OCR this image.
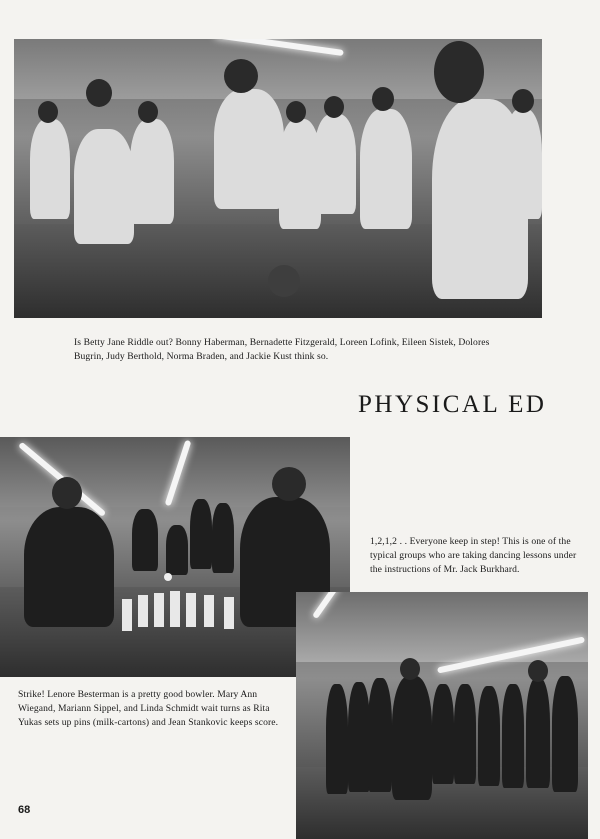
Is Betty Jane Riddle out? Bonny Haberman, Bernadette Fitzgerald, Loreen Lofink, Eileen Sistek, Dolores Bugrin, Judy Berthold, Norma Braden, and Jackie Kust think so.

PHYSICAL ED

1,2,1,2 . . Everyone keep in step! This is one of the typical groups who are taking dancing lessons under the instructions of Mr. Jack Burkhard.

Strike! Lenore Besterman is a pretty good bowler. Mary Ann Wiegand, Mariann Sippel, and Linda Schmidt wait turns as Rita Yukas sets up pins (milk-cartons) and Jean Stankovic keeps score.

68
